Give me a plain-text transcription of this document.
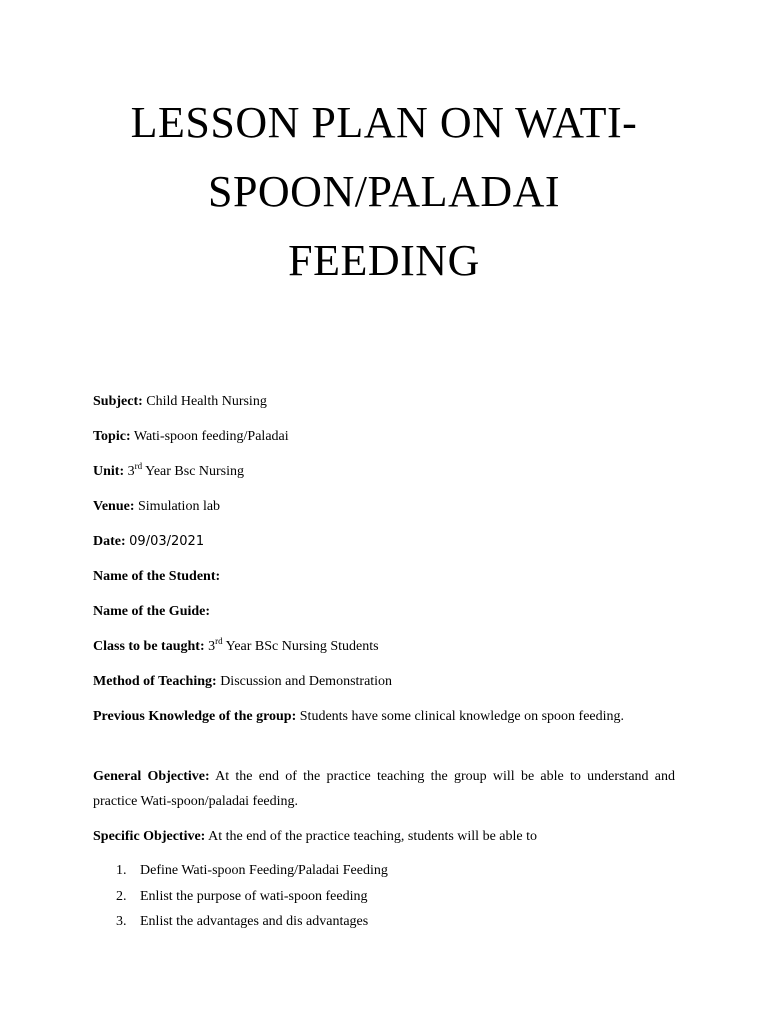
LESSON PLAN ON WATI-
SPOON/PALADAI
FEEDING
Subject: Child Health Nursing
Topic: Wati-spoon feeding/Paladai
Unit: 3rd Year Bsc Nursing
Venue: Simulation lab
Date: 09/03/2021
Name of the Student:
Name of the Guide:
Class to be taught: 3rd Year BSc Nursing Students
Method of Teaching: Discussion and Demonstration
Previous Knowledge of the group: Students have some clinical knowledge on spoon feeding.
General Objective: At the end of the practice teaching the group will be able to understand and practice Wati-spoon/paladai feeding.
Specific Objective: At the end of the practice teaching, students will be able to
1. Define Wati-spoon Feeding/Paladai Feeding
2. Enlist the purpose of wati-spoon feeding
3. Enlist the advantages and dis advantages
